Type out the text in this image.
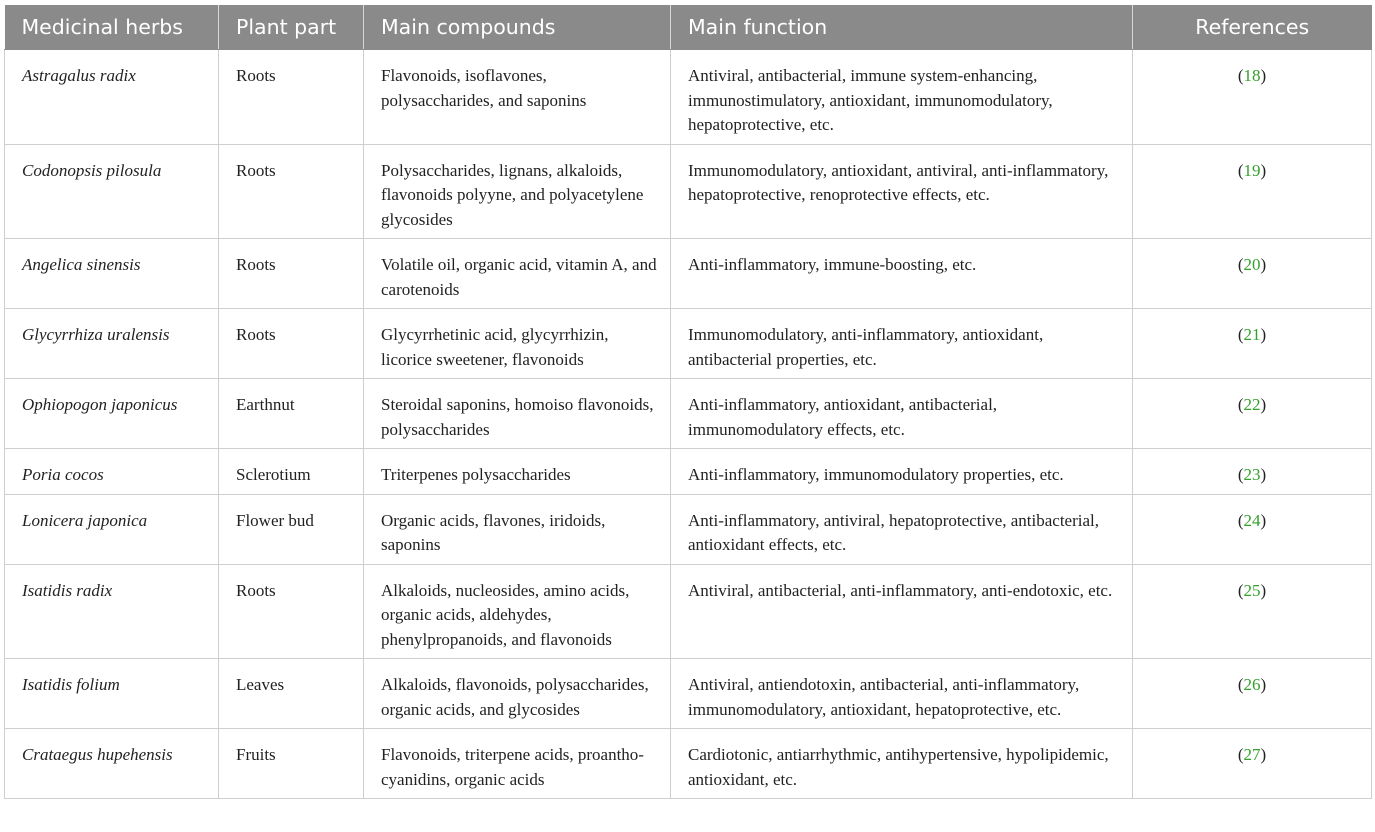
Medicinal herbs	Plant part	Main compounds	Main function	References
Astragalus radix	Roots	Flavonoids, isoflavones, polysaccharides, and saponins	Antiviral, antibacterial, immune system-enhancing, immunostimulatory, antioxidant, immunomodulatory, hepatoprotective, etc.	(18)
Codonopsis pilosula	Roots	Polysaccharides, lignans, alkaloids, flavonoids polyyne, and polyacetylene glycosides	Immunomodulatory, antioxidant, antiviral, anti-inflammatory, hepatoprotective, renoprotective effects, etc.	(19)
Angelica sinensis	Roots	Volatile oil, organic acid, vitamin A, and carotenoids	Anti-inflammatory, immune-boosting, etc.	(20)
Glycyrrhiza uralensis	Roots	Glycyrrhetinic acid, glycyrrhizin, licorice sweetener, flavonoids	Immunomodulatory, anti-inflammatory, antioxidant, antibacterial properties, etc.	(21)
Ophiopogon japonicus	Earthnut	Steroidal saponins, homoiso flavonoids, polysaccharides	Anti-inflammatory, antioxidant, antibacterial, immunomodulatory effects, etc.	(22)
Poria cocos	Sclerotium	Triterpenes polysaccharides	Anti-inflammatory, immunomodulatory properties, etc.	(23)
Lonicera japonica	Flower bud	Organic acids, flavones, iridoids, saponins	Anti-inflammatory, antiviral, hepatoprotective, antibacterial, antioxidant effects, etc.	(24)
Isatidis radix	Roots	Alkaloids, nucleosides, amino acids, organic acids, aldehydes, phenylpropanoids, and flavonoids	Antiviral, antibacterial, anti-inflammatory, anti-endotoxic, etc.	(25)
Isatidis folium	Leaves	Alkaloids, flavonoids, polysaccharides, organic acids, and glycosides	Antiviral, antiendotoxin, antibacterial, anti-inflammatory, immunomodulatory, antioxidant, hepatoprotective, etc.	(26)
Crataegus hupehensis	Fruits	Flavonoids, triterpene acids, proantho-cyanidins, organic acids	Cardiotonic, antiarrhythmic, antihypertensive, hypolipidemic, antioxidant, etc.	(27)
